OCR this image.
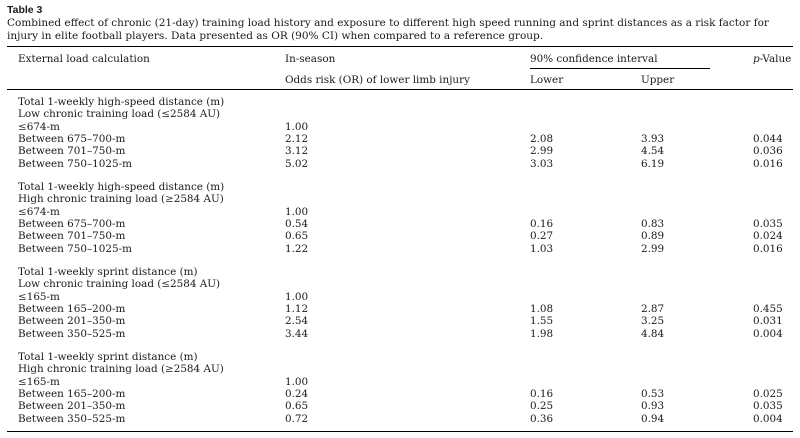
Table 3
Combined effect of chronic (21-day) training load history and exposure to different high speed running and sprint distances as a risk factor for injury in elite football players. Data presented as OR (90% CI) when compared to a reference group.
External load calculation	In-season	90% confidence interval	p-Value
Odds risk (OR) of lower limb injury	Lower	Upper
Total 1-weekly high-speed distance (m)
Low chronic training load (≤2584 AU)
≤674-m	1.00
Between 675–700-m	2.12	2.08	3.93	0.044
Between 701–750-m	3.12	2.99	4.54	0.036
Between 750–1025-m	5.02	3.03	6.19	0.016
Total 1-weekly high-speed distance (m)
High chronic training load (≥2584 AU)
≤674-m	1.00
Between 675–700-m	0.54	0.16	0.83	0.035
Between 701–750-m	0.65	0.27	0.89	0.024
Between 750–1025-m	1.22	1.03	2.99	0.016
Total 1-weekly sprint distance (m)
Low chronic training load (≤2584 AU)
≤165-m	1.00
Between 165–200-m	1.12	1.08	2.87	0.455
Between 201–350-m	2.54	1.55	3.25	0.031
Between 350–525-m	3.44	1.98	4.84	0.004
Total 1-weekly sprint distance (m)
High chronic training load (≥2584 AU)
≤165-m	1.00
Between 165–200-m	0.24	0.16	0.53	0.025
Between 201–350-m	0.65	0.25	0.93	0.035
Between 350–525-m	0.72	0.36	0.94	0.004
